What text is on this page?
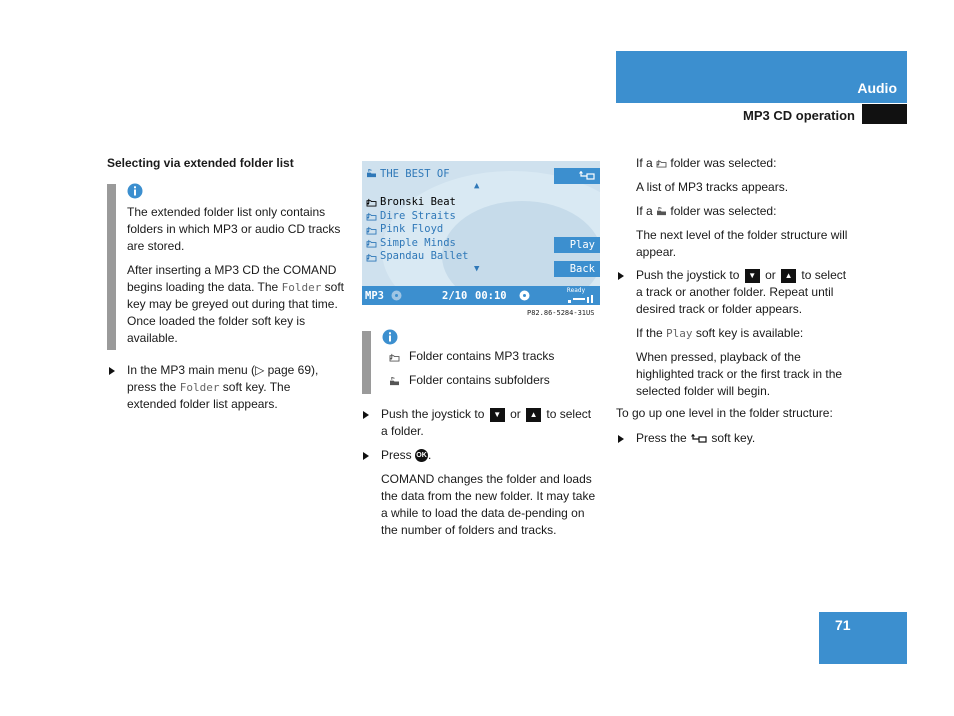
Audio
MP3 CD operation
Selecting via extended folder list

The extended folder list only contains folders in which MP3 or audio CD tracks are stored.

After inserting a MP3 CD the COMAND begins loading the data. The Folder soft key may be greyed out during that time. Once loaded the folder soft key is available.

In the MP3 main menu (▷ page 69), press the Folder soft key. The extended folder list appears.

THE BEST OF
▲
Bronski Beat
Dire Straits
Pink Floyd
Simple Minds
Spandau Ballet
▼
Play
Back
MP3	2/10 00:10	Ready
P82.86-5284-31US
Folder contains MP3 tracks
Folder contains subfolders

Push the joystick to ▼ or ▲ to select a folder.

Press OK.

COMAND changes the folder and loads the data from the new folder. It may take a while to load the data de-pending on the number of folders and tracks.

If a  folder was selected:

A list of MP3 tracks appears.

If a  folder was selected:

The next level of the folder structure will appear.

Push the joystick to ▼ or ▲ to select a track or another folder. Repeat until desired track or folder appears.

If the Play soft key is available:

When pressed, playback of the highlighted track or the first track in the selected folder will begin.

To go up one level in the folder structure:

Press the  soft key.

71
